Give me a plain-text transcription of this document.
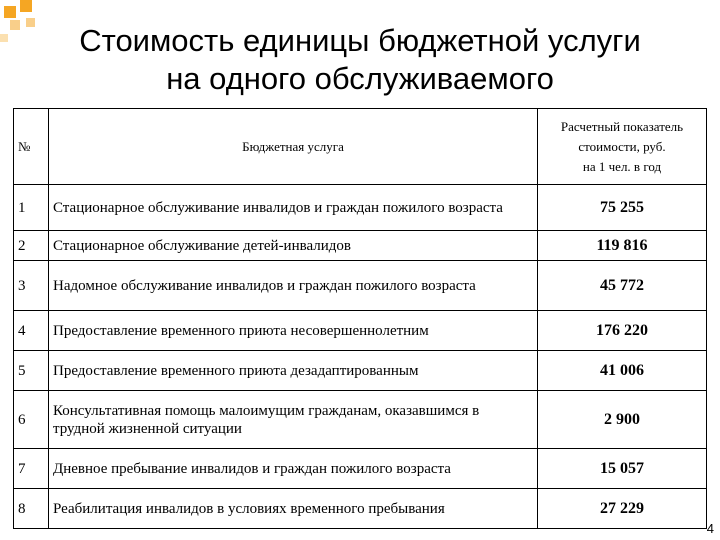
Стоимость единицы бюджетной услуги
на одного обслуживаемого
№	Бюджетная услуга	Расчетный показатель
стоимости, руб.
на 1 чел. в год

1	Стационарное обслуживание инвалидов и граждан пожилого возраста	75 255
2	Стационарное обслуживание детей-инвалидов	119 816
3	Надомное обслуживание инвалидов и граждан пожилого возраста	45 772
4	Предоставление временного приюта несовершеннолетним	176 220
5	Предоставление временного приюта дезадаптированным	41 006
6	Консультативная помощь малоимущим гражданам, оказавшимся в трудной жизненной ситуации	2 900
7	Дневное пребывание инвалидов и граждан пожилого возраста	15 057
8	Реабилитация инвалидов в условиях временного пребывания	27 229
4
